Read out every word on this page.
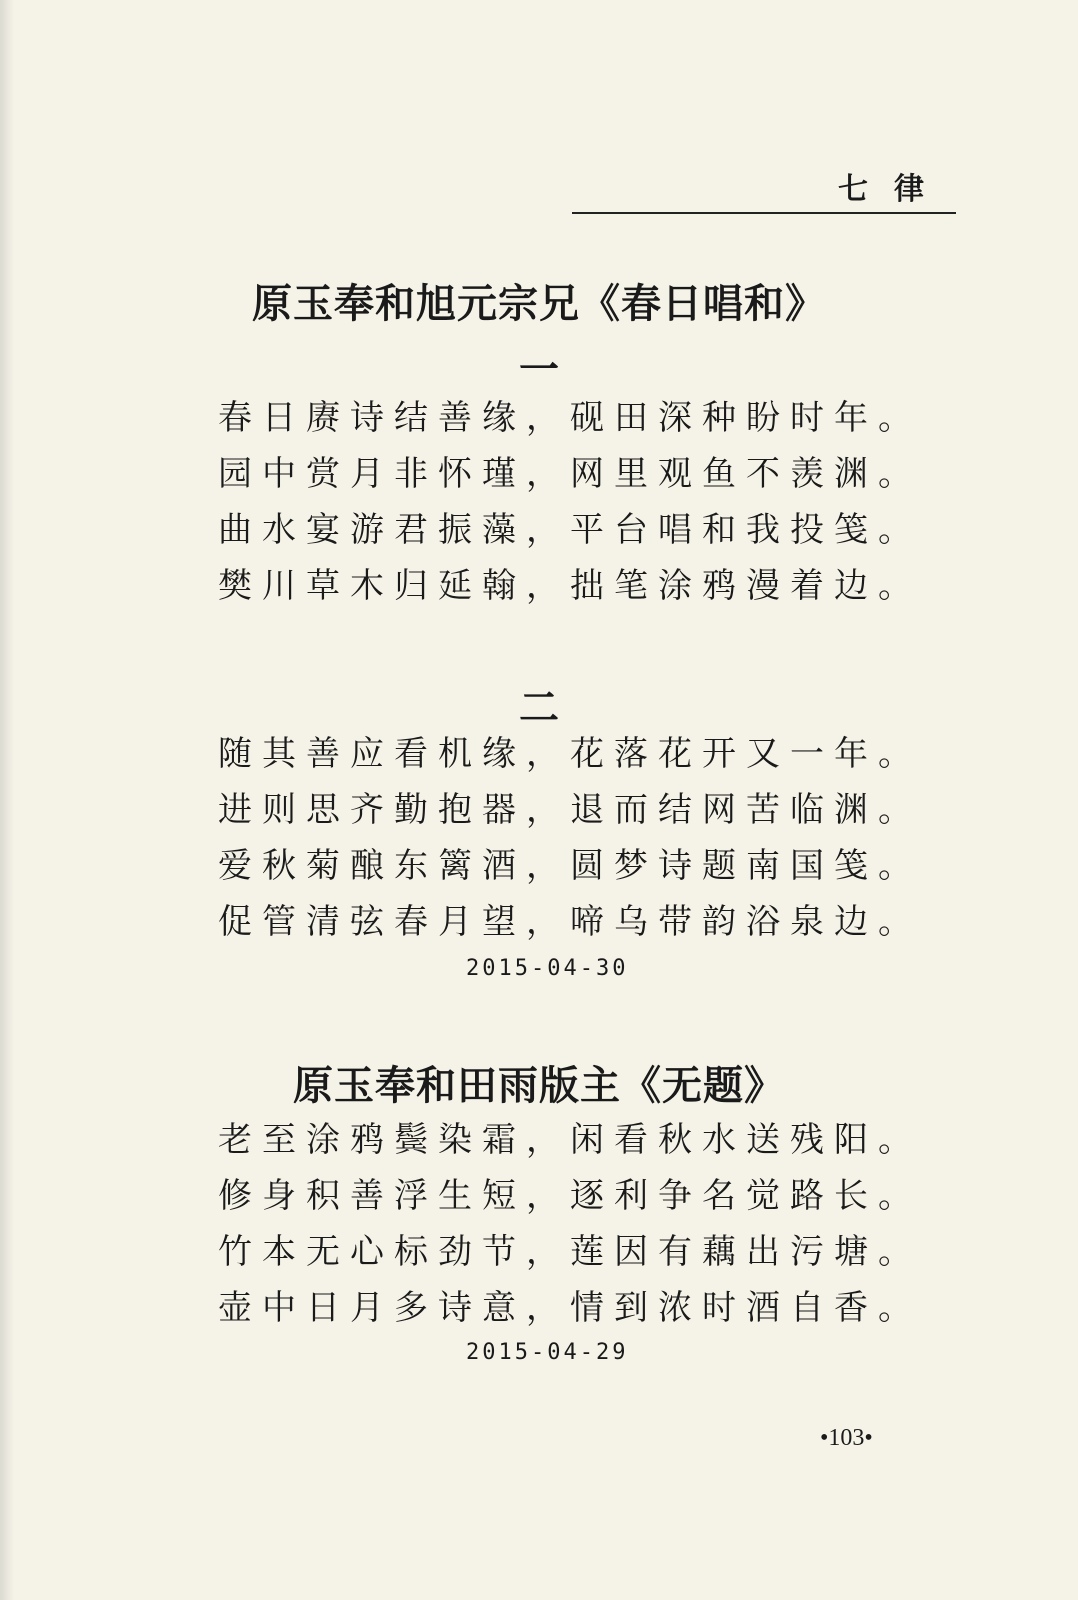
七律
原玉奉和旭元宗兄《春日唱和》
一
春日赓诗结善缘，砚田深种盼时年。
园中赏月非怀瑾，网里观鱼不羡渊。
曲水宴游君振藻，平台唱和我投笺。
樊川草木归延翰，拙笔涂鸦漫着边。
二
随其善应看机缘，花落花开又一年。
进则思齐勤抱器，退而结网苦临渊。
爱秋菊酿东篱酒，圆梦诗题南国笺。
促管清弦春月望，啼乌带韵浴泉边。
2015-04-30
原玉奉和田雨版主《无题》
老至涂鸦鬓染霜，闲看秋水送残阳。
修身积善浮生短，逐利争名觉路长。
竹本无心标劲节，莲因有藕出污塘。
壶中日月多诗意，情到浓时酒自香。
2015-04-29
•103•
